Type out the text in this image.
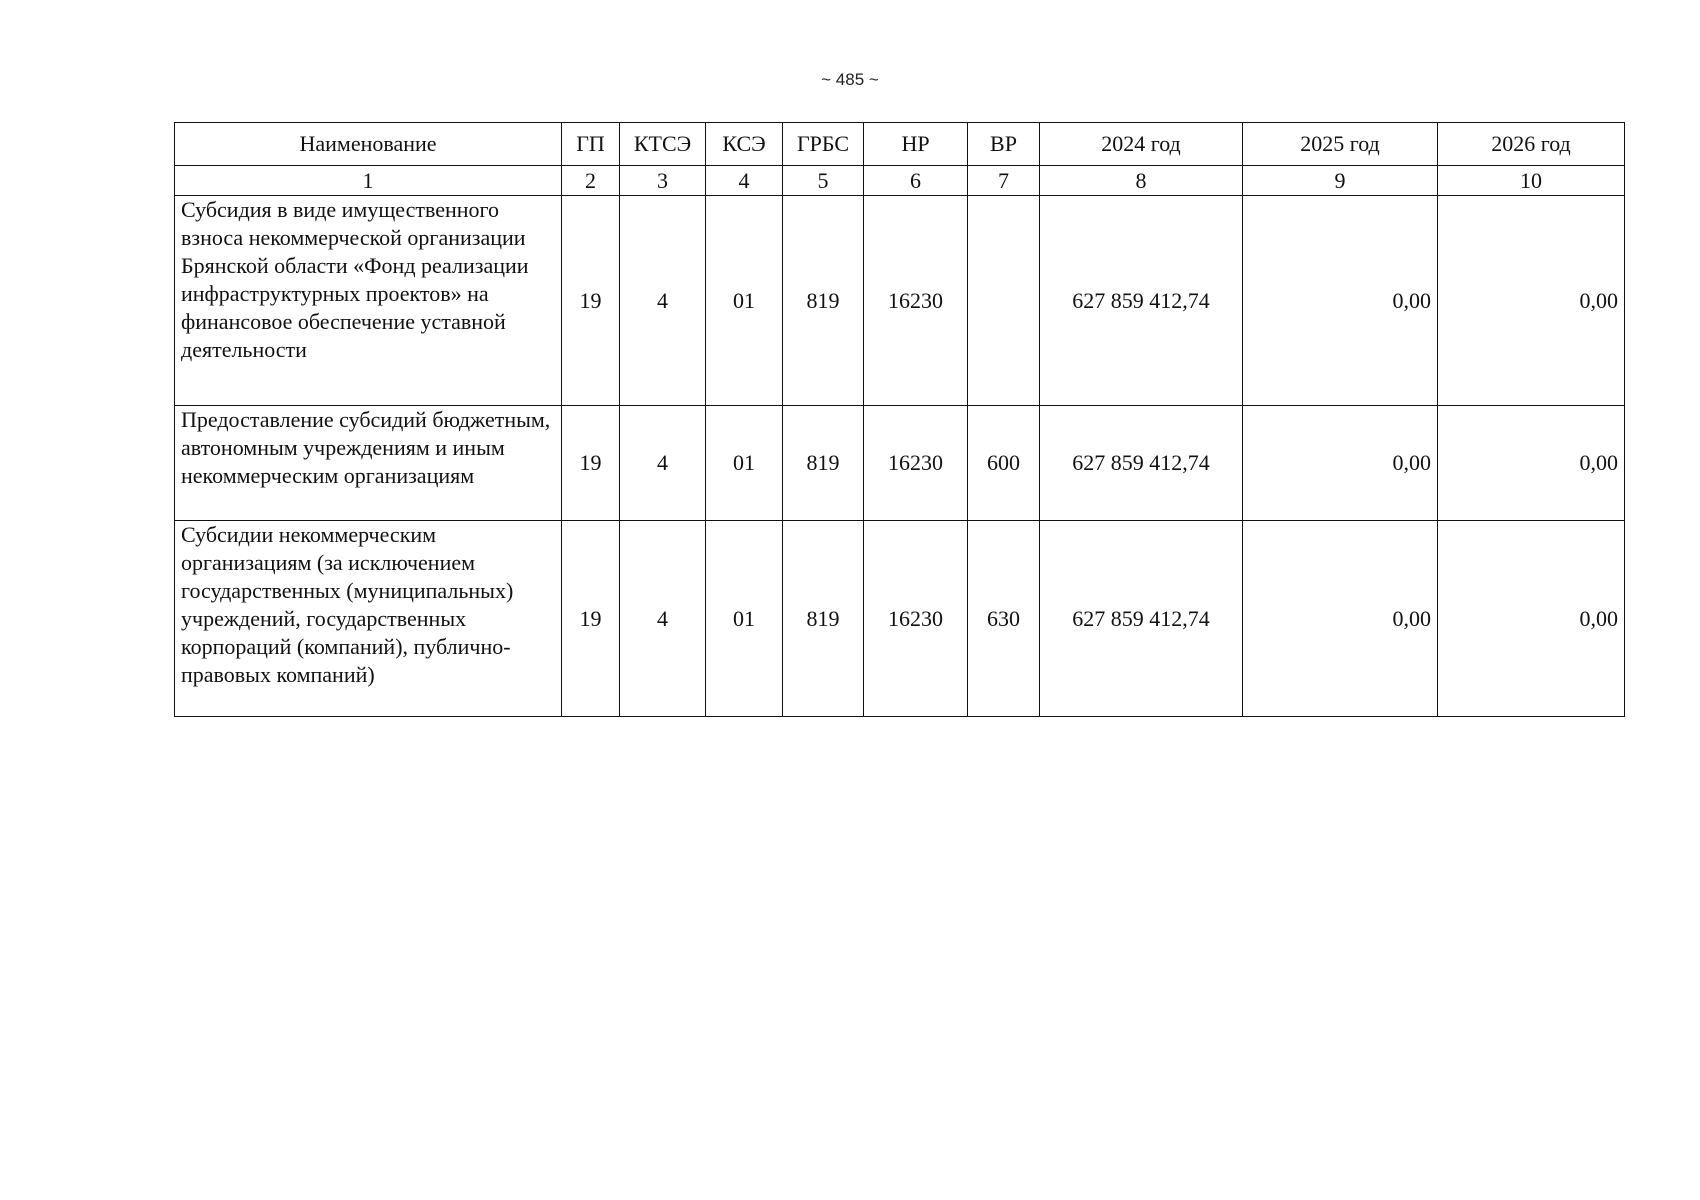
~ 485 ~
Наименование	ГП	КТСЭ	КСЭ	ГРБС	НР	ВР	2024 год	2025 год	2026 год
1	2	3	4	5	6	7	8	9	10
Субсидия в виде имущественного взноса некоммерческой организации Брянской области «Фонд реализации инфраструктурных проектов» на финансовое обеспечение уставной деятельности	19	4	01	819	16230		627 859 412,74	0,00	0,00
Предоставление субсидий бюджетным, автономным учреждениям и иным некоммерческим организациям	19	4	01	819	16230	600	627 859 412,74	0,00	0,00
Субсидии некоммерческим организациям (за исключением государственных (муниципальных) учреждений, государственных корпораций (компаний), публично-правовых компаний)	19	4	01	819	16230	630	627 859 412,74	0,00	0,00
